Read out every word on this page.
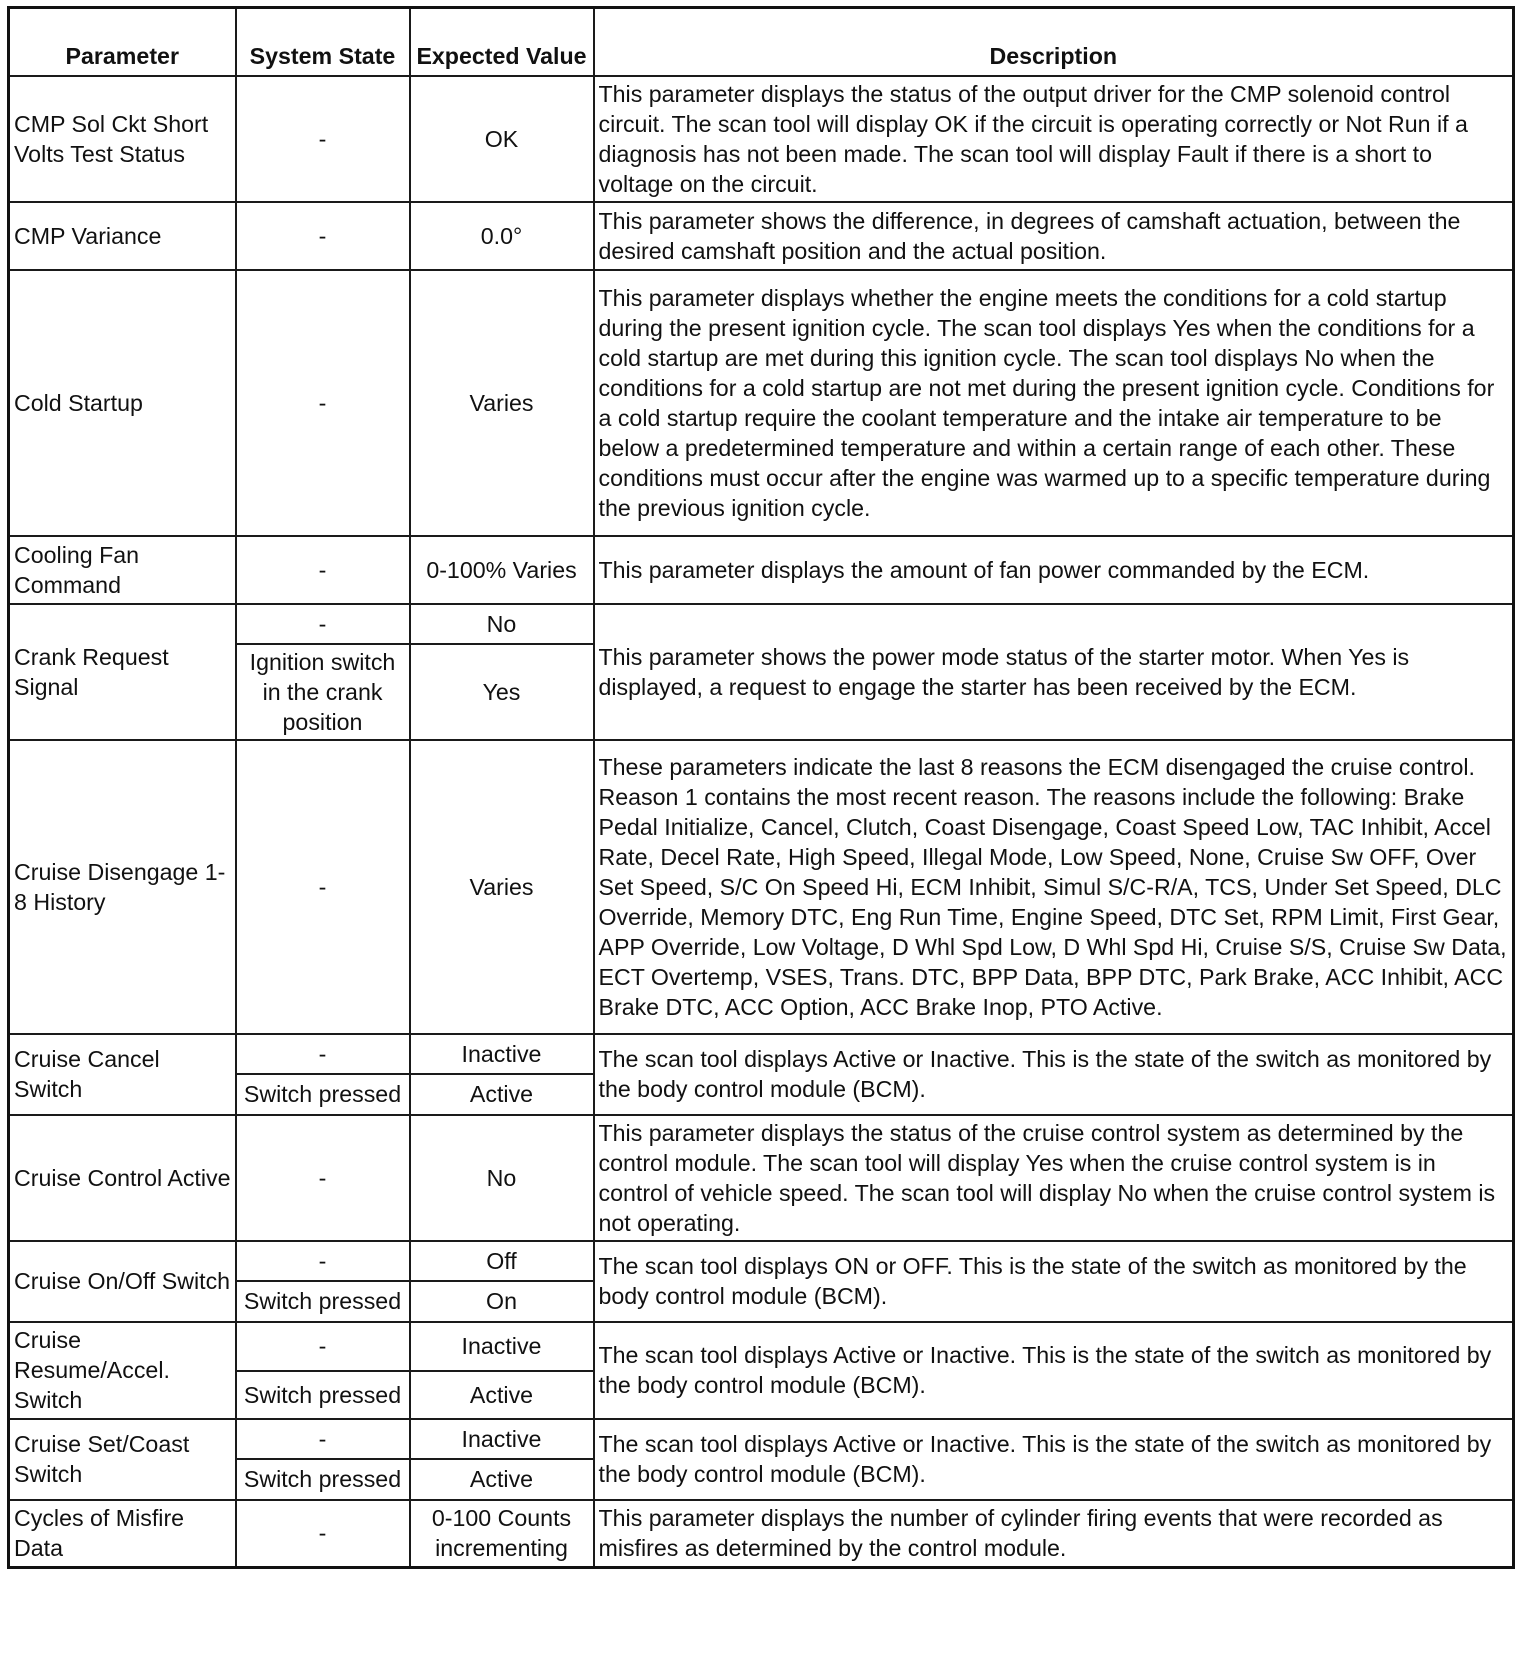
Parameter	System State	Expected Value	Description
CMP Sol Ckt Short Volts Test Status	-	OK	This parameter displays the status of the output driver for the CMP solenoid control circuit. The scan tool will display OK if the circuit is operating correctly or Not Run if a diagnosis has not been made. The scan tool will display Fault if there is a short to voltage on the circuit.
CMP Variance	-	0.0°	This parameter shows the difference, in degrees of camshaft actuation, between the desired camshaft position and the actual position.
Cold Startup	-	Varies	This parameter displays whether the engine meets the conditions for a cold startup during the present ignition cycle. The scan tool displays Yes when the conditions for a cold startup are met during this ignition cycle. The scan tool displays No when the conditions for a cold startup are not met during the present ignition cycle. Conditions for a cold startup require the coolant temperature and the intake air temperature to be below a predetermined temperature and within a certain range of each other. These conditions must occur after the engine was warmed up to a specific temperature during the previous ignition cycle.
Cooling Fan Command	-	0-100% Varies	This parameter displays the amount of fan power commanded by the ECM.
Crank Request Signal	-	No	This parameter shows the power mode status of the starter motor. When Yes is displayed, a request to engage the starter has been received by the ECM.
	Ignition switch in the crank position	Yes	
Cruise Disengage 1-8 History	-	Varies	These parameters indicate the last 8 reasons the ECM disengaged the cruise control. Reason 1 contains the most recent reason. The reasons include the following: Brake Pedal Initialize, Cancel, Clutch, Coast Disengage, Coast Speed Low, TAC Inhibit, Accel Rate, Decel Rate, High Speed, Illegal Mode, Low Speed, None, Cruise Sw OFF, Over Set Speed, S/C On Speed Hi, ECM Inhibit, Simul S/C-R/A, TCS, Under Set Speed, DLC Override, Memory DTC, Eng Run Time, Engine Speed, DTC Set, RPM Limit, First Gear, APP Override, Low Voltage, D Whl Spd Low, D Whl Spd Hi, Cruise S/S, Cruise Sw Data, ECT Overtemp, VSES, Trans. DTC, BPP Data, BPP DTC, Park Brake, ACC Inhibit, ACC Brake DTC, ACC Option, ACC Brake Inop, PTO Active.
Cruise Cancel Switch	-	Inactive	The scan tool displays Active or Inactive. This is the state of the switch as monitored by the body control module (BCM).
	Switch pressed	Active	
Cruise Control Active	-	No	This parameter displays the status of the cruise control system as determined by the control module. The scan tool will display Yes when the cruise control system is in control of vehicle speed. The scan tool will display No when the cruise control system is not operating.
Cruise On/Off Switch	-	Off	The scan tool displays ON or OFF. This is the state of the switch as monitored by the body control module (BCM).
	Switch pressed	On	
Cruise Resume/Accel. Switch	-	Inactive	The scan tool displays Active or Inactive. This is the state of the switch as monitored by the body control module (BCM).
	Switch pressed	Active	
Cruise Set/Coast Switch	-	Inactive	The scan tool displays Active or Inactive. This is the state of the switch as monitored by the body control module (BCM).
	Switch pressed	Active	
Cycles of Misfire Data	-	0-100 Counts incrementing	This parameter displays the number of cylinder firing events that were recorded as misfires as determined by the control module.
